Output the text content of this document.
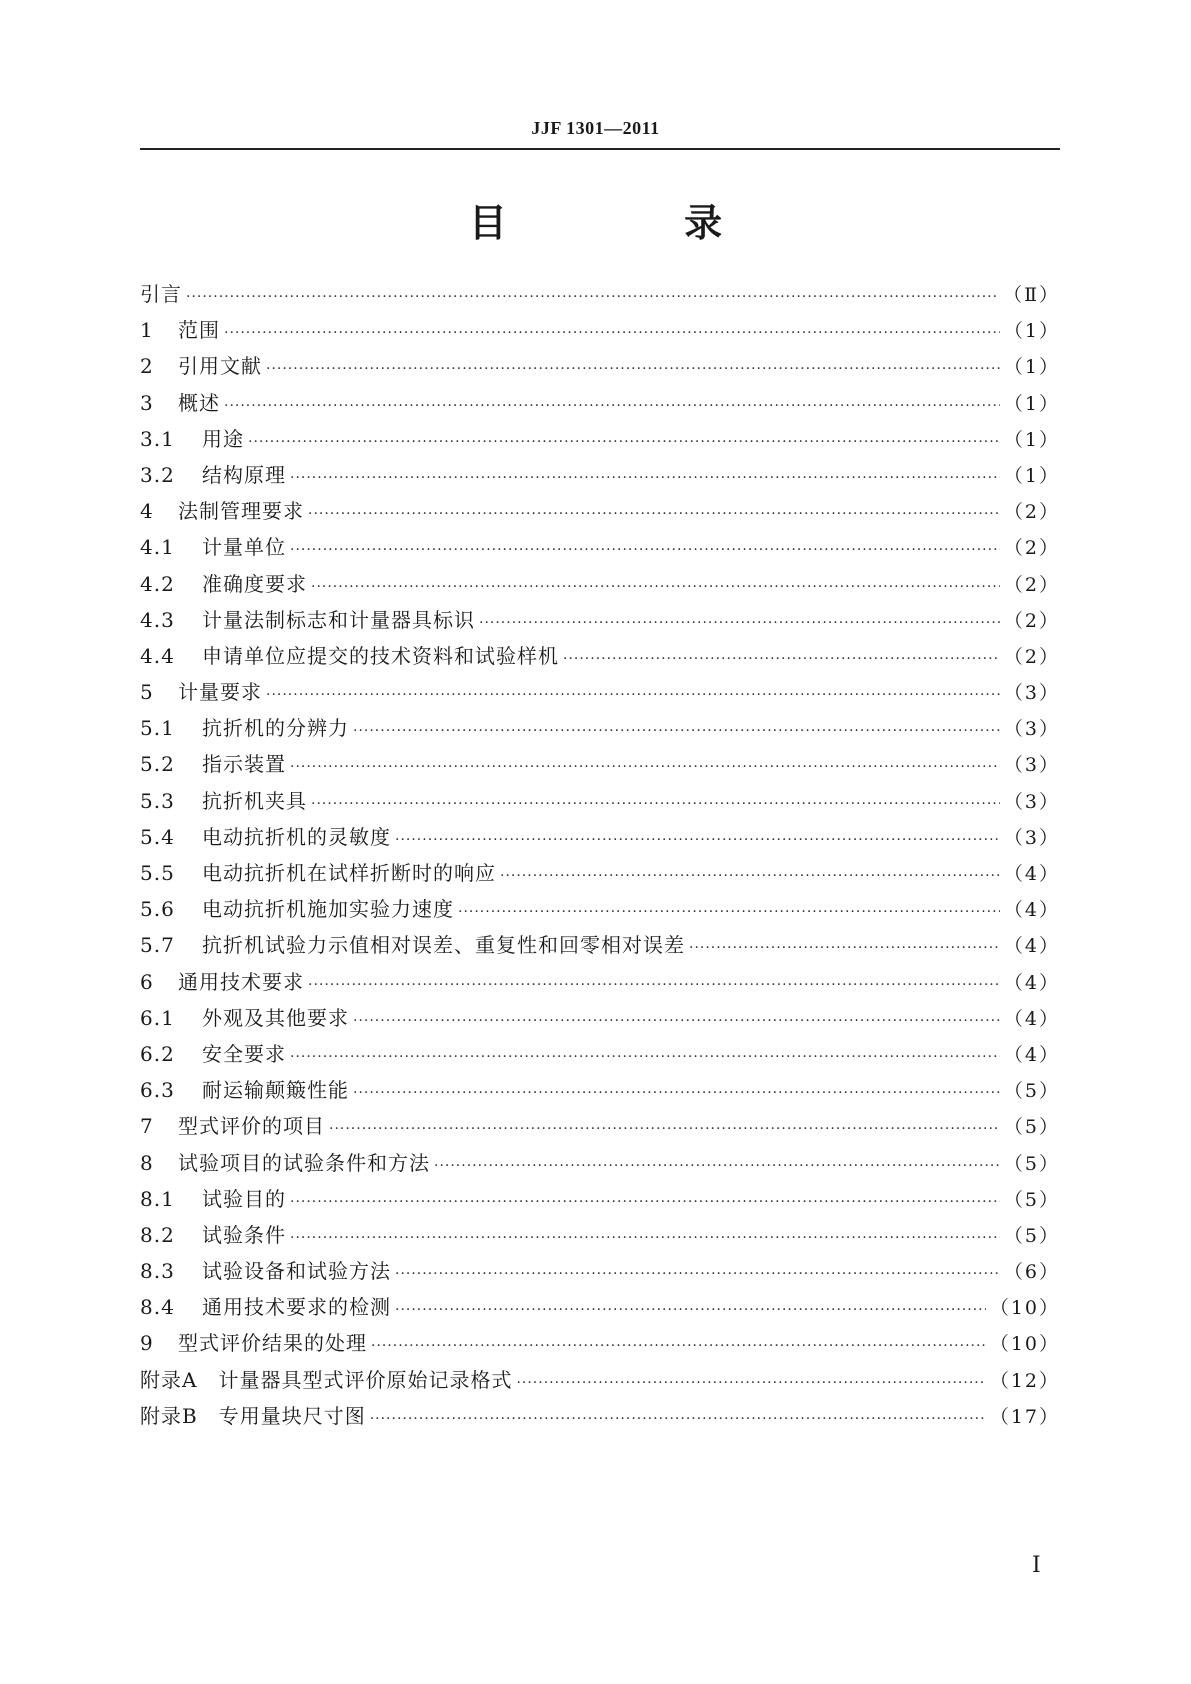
JJF 1301—2011
目 录
引言 ·····	（Ⅱ）
1 范围 ·····	（1）
2 引用文献 ·····	（1）
3 概述 ·····	（1）
3.1 用途 ·····	（1）
3.2 结构原理 ·····	（1）
4 法制管理要求 ·····	（2）
4.1 计量单位 ·····	（2）
4.2 准确度要求 ·····	（2）
4.3 计量法制标志和计量器具标识 ·····	（2）
4.4 申请单位应提交的技术资料和试验样机 ·····	（2）
5 计量要求 ·····	（3）
5.1 抗折机的分辨力 ·····	（3）
5.2 指示装置 ·····	（3）
5.3 抗折机夹具 ·····	（3）
5.4 电动抗折机的灵敏度 ·····	（3）
5.5 电动抗折机在试样折断时的响应 ·····	（4）
5.6 电动抗折机施加实验力速度 ·····	（4）
5.7 抗折机试验力示值相对误差、重复性和回零相对误差 ·····	（4）
6 通用技术要求 ·····	（4）
6.1 外观及其他要求 ·····	（4）
6.2 安全要求 ·····	（4）
6.3 耐运输颠簸性能 ·····	（5）
7 型式评价的项目 ·····	（5）
8 试验项目的试验条件和方法 ·····	（5）
8.1 试验目的 ·····	（5）
8.2 试验条件 ·····	（5）
8.3 试验设备和试验方法 ·····	（6）
8.4 通用技术要求的检测 ·····	（10）
9 型式评价结果的处理 ·····	（10）
附录A　计量器具型式评价原始记录格式 ·····	（12）
附录B　专用量块尺寸图 ·····	（17）
Ⅰ
